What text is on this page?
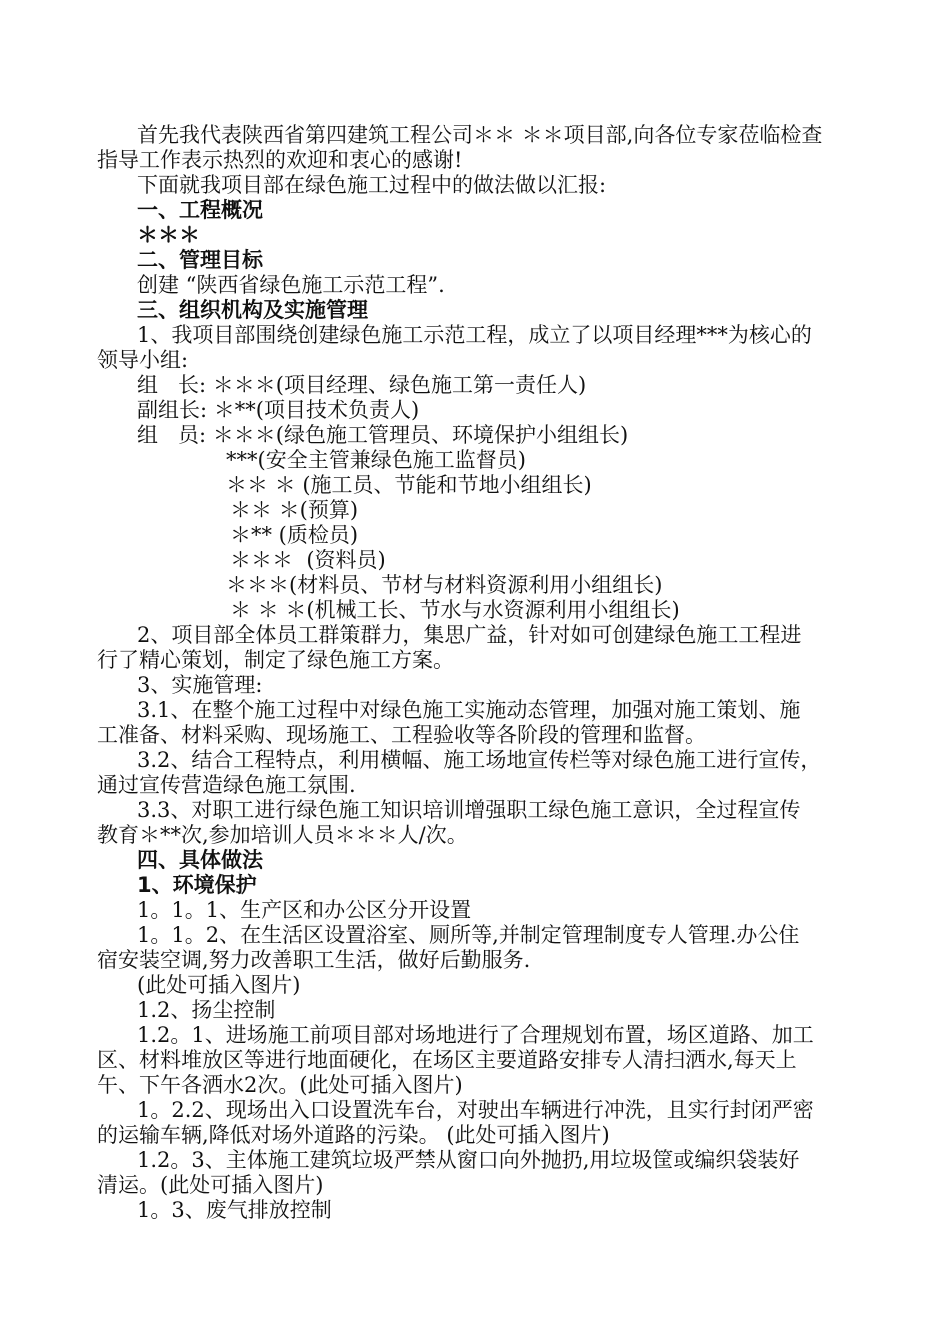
首先我代表陕西省第四建筑工程公司＊＊ ＊＊项目部,向各位专家莅临检查
指导工作表示热烈的欢迎和衷心的感谢!
下面就我项目部在绿色施工过程中的做法做以汇报:
一、工程概况
＊＊＊
二、管理目标
创建 “陕西省绿色施工示范工程”.
三、组织机构及实施管理
1、我项目部围绕创建绿色施工示范工程，成立了以项目经理***为核心的
领导小组:
组   长: ＊＊＊(项目经理、绿色施工第一责任人)
副组长: ＊**(项目技术负责人)
组   员: ＊＊＊(绿色施工管理员、环境保护小组组长)
***(安全主管兼绿色施工监督员)
＊＊ ＊ (施工员、节能和节地小组组长)
＊＊ ＊(预算)
＊** (质检员)
＊＊＊  (资料员)
＊＊＊(材料员、节材与材料资源利用小组组长)
＊ ＊ ＊(机械工长、节水与水资源利用小组组长)
2、项目部全体员工群策群力，集思广益，针对如可创建绿色施工工程进
行了精心策划，制定了绿色施工方案。
3、实施管理:
3.1、在整个施工过程中对绿色施工实施动态管理，加强对施工策划、施
工准备、材料采购、现场施工、工程验收等各阶段的管理和监督。
3.2、结合工程特点，利用横幅、施工场地宣传栏等对绿色施工进行宣传，
通过宣传营造绿色施工氛围.
3.3、对职工进行绿色施工知识培训增强职工绿色施工意识，全过程宣传
教育＊**次,参加培训人员＊＊＊人/次。
四、具体做法
1、环境保护
1。1。1、生产区和办公区分开设置
1。1。2、在生活区设置浴室、厕所等,并制定管理制度专人管理.办公住
宿安装空调,努力改善职工生活，做好后勤服务.
(此处可插入图片)
1.2、扬尘控制
1.2。1、进场施工前项目部对场地进行了合理规划布置，场区道路、加工
区、材料堆放区等进行地面硬化，在场区主要道路安排专人清扫洒水,每天上
午、下午各洒水2次。(此处可插入图片)
1。2.2、现场出入口设置洗车台，对驶出车辆进行冲洗，且实行封闭严密
的运输车辆,降低对场外道路的污染。 (此处可插入图片)
1.2。3、主体施工建筑垃圾严禁从窗口向外抛扔,用垃圾筐或编织袋装好
清运。(此处可插入图片)
1。3、废气排放控制
